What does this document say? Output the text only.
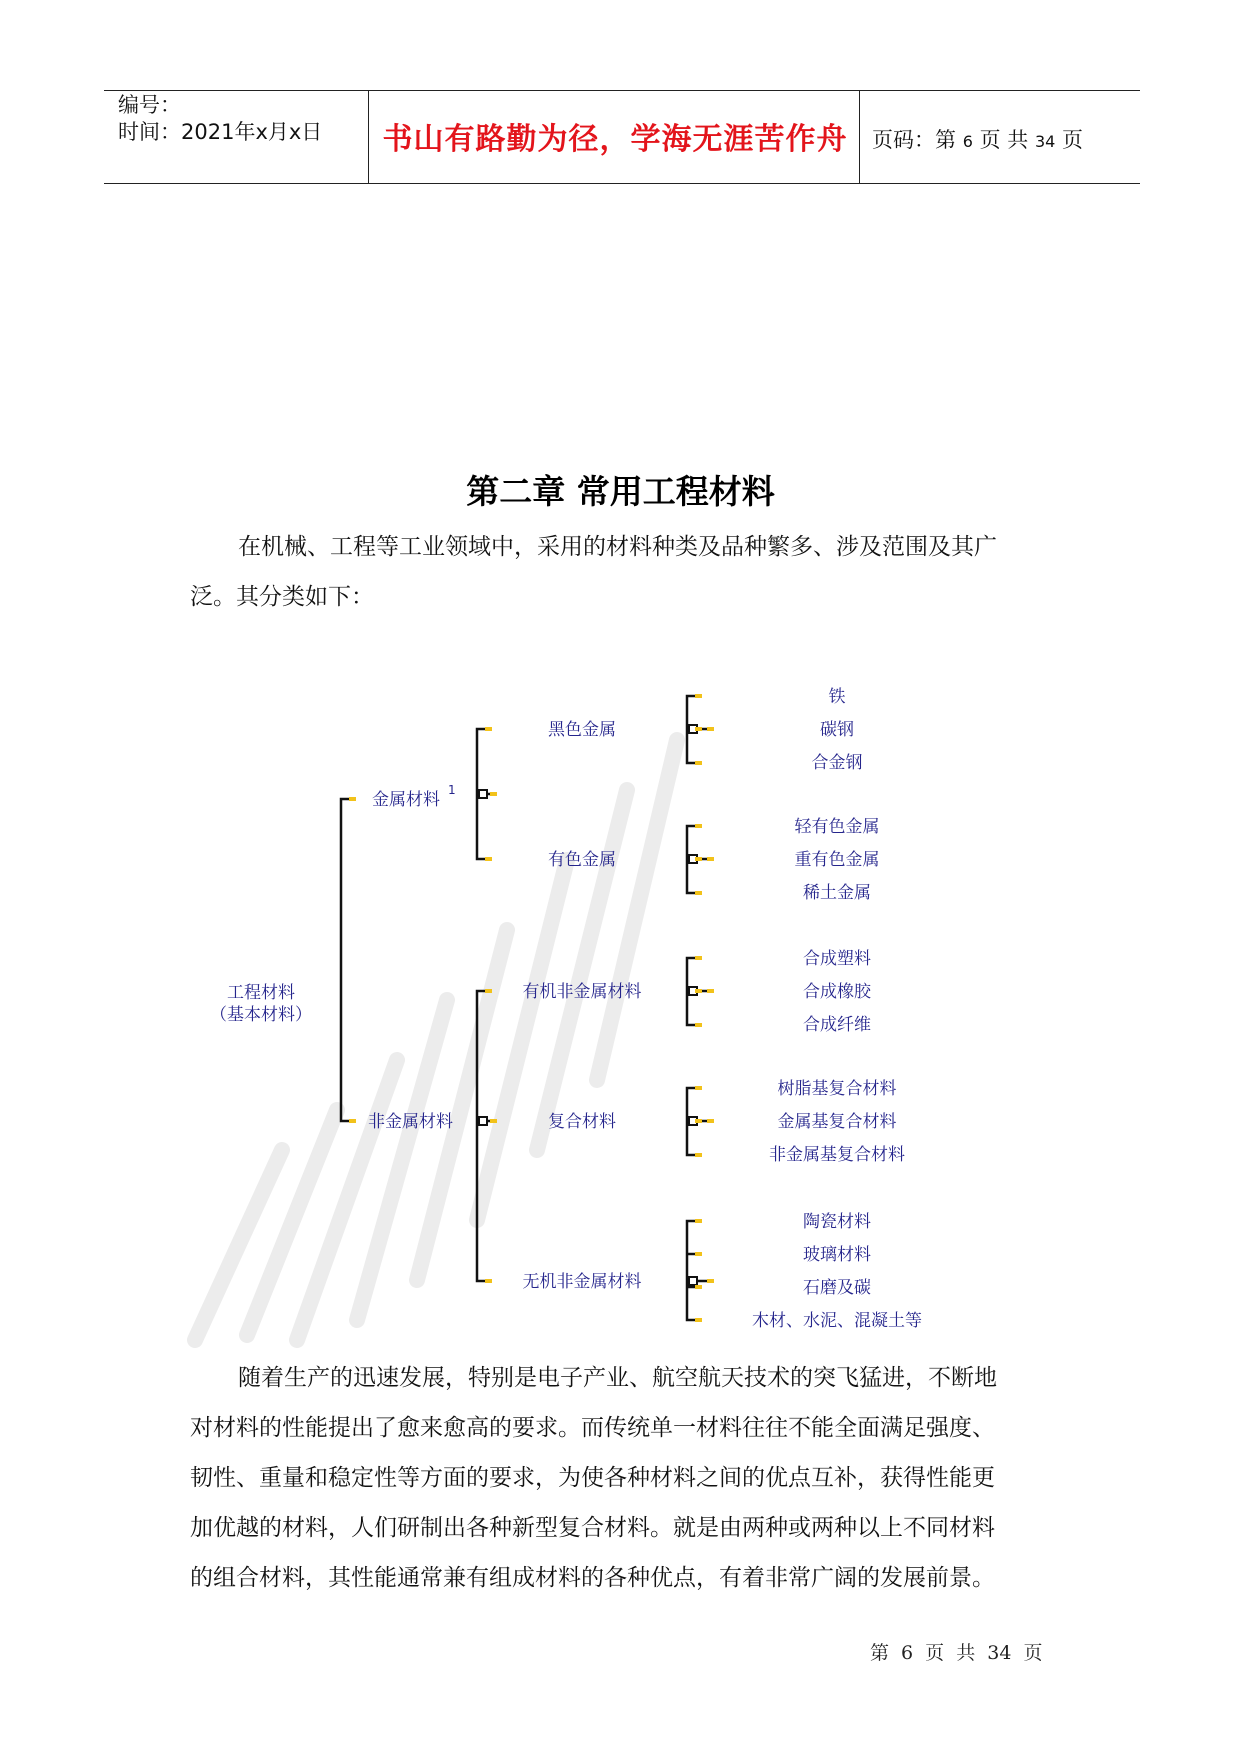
编号：
时间：2021年x月x日	书山有路勤为径，学海无涯苦作舟	页码：第 6 页 共 34 页
第二章 常用工程材料
在机械、工程等工业领域中，采用的材料种类及品种繁多、涉及范围及其广
泛。其分类如下：
工程材料
（基本材料）
金属材料 1
非金属材料
黑色金属
有色金属
有机非金属材料
复合材料
无机非金属材料
铁
碳钢
合金钢
轻有色金属
重有色金属
稀土金属
合成塑料
合成橡胶
合成纤维
树脂基复合材料
金属基复合材料
非金属基复合材料
陶瓷材料
玻璃材料
石磨及碳
木材、水泥、混凝土等
随着生产的迅速发展，特别是电子产业、航空航天技术的突飞猛进，不断地
对材料的性能提出了愈来愈高的要求。而传统单一材料往往不能全面满足强度、
韧性、重量和稳定性等方面的要求，为使各种材料之间的优点互补，获得性能更
加优越的材料，人们研制出各种新型复合材料。就是由两种或两种以上不同材料
的组合材料，其性能通常兼有组成材料的各种优点，有着非常广阔的发展前景。
第 6 页 共 34 页
